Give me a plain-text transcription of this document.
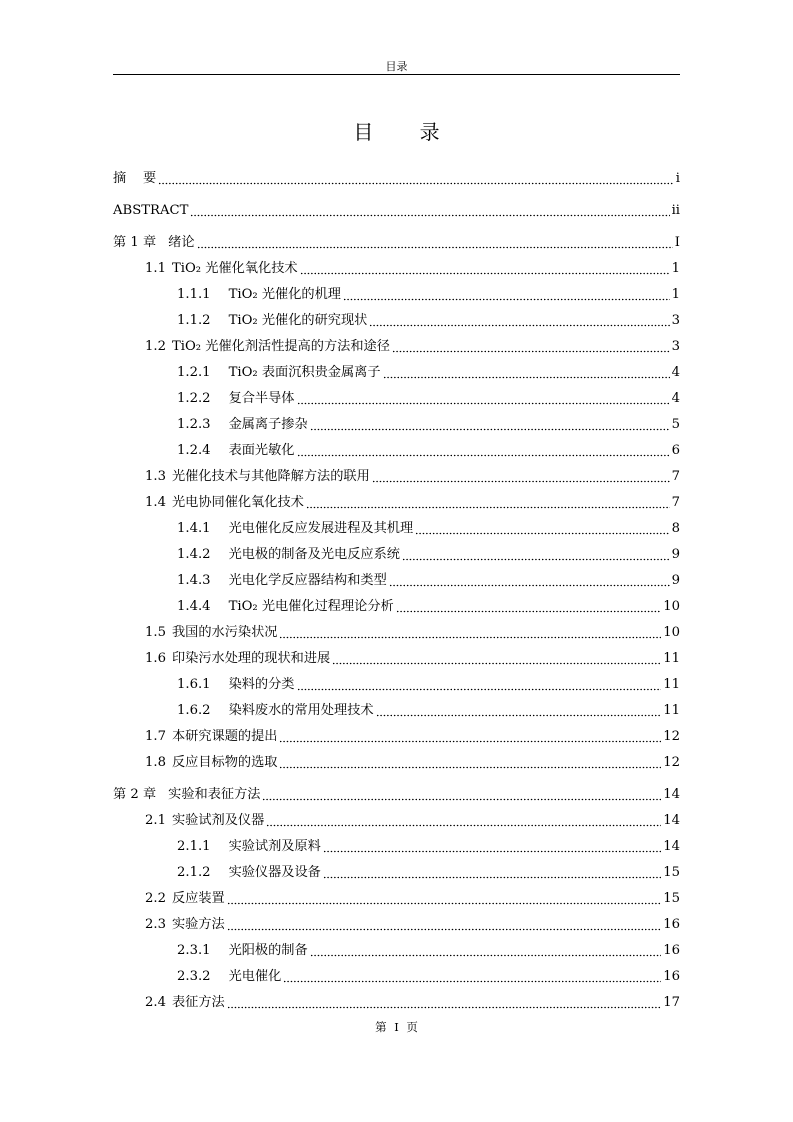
目录
目 录
摘    要	i
ABSTRACT	ii
第 1 章 绪论	I
1.1 TiO₂ 光催化氧化技术	1
1.1.1 TiO₂ 光催化的机理	1
1.1.2 TiO₂ 光催化的研究现状	3
1.2 TiO₂ 光催化剂活性提高的方法和途径	3
1.2.1 TiO₂ 表面沉积贵金属离子	4
1.2.2 复合半导体	4
1.2.3 金属离子掺杂	5
1.2.4 表面光敏化	6
1.3 光催化技术与其他降解方法的联用	7
1.4 光电协同催化氧化技术	7
1.4.1 光电催化反应发展进程及其机理	8
1.4.2 光电极的制备及光电反应系统	9
1.4.3 光电化学反应器结构和类型	9
1.4.4 TiO₂ 光电催化过程理论分析	10
1.5 我国的水污染状况	10
1.6 印染污水处理的现状和进展	11
1.6.1 染料的分类	11
1.6.2 染料废水的常用处理技术	11
1.7 本研究课题的提出	12
1.8 反应目标物的选取	12
第 2 章 实验和表征方法	14
2.1 实验试剂及仪器	14
2.1.1 实验试剂及原料	14
2.1.2 实验仪器及设备	15
2.2 反应装置	15
2.3 实验方法	16
2.3.1 光阳极的制备	16
2.3.2 光电催化	16
2.4 表征方法	17
第 I 页
